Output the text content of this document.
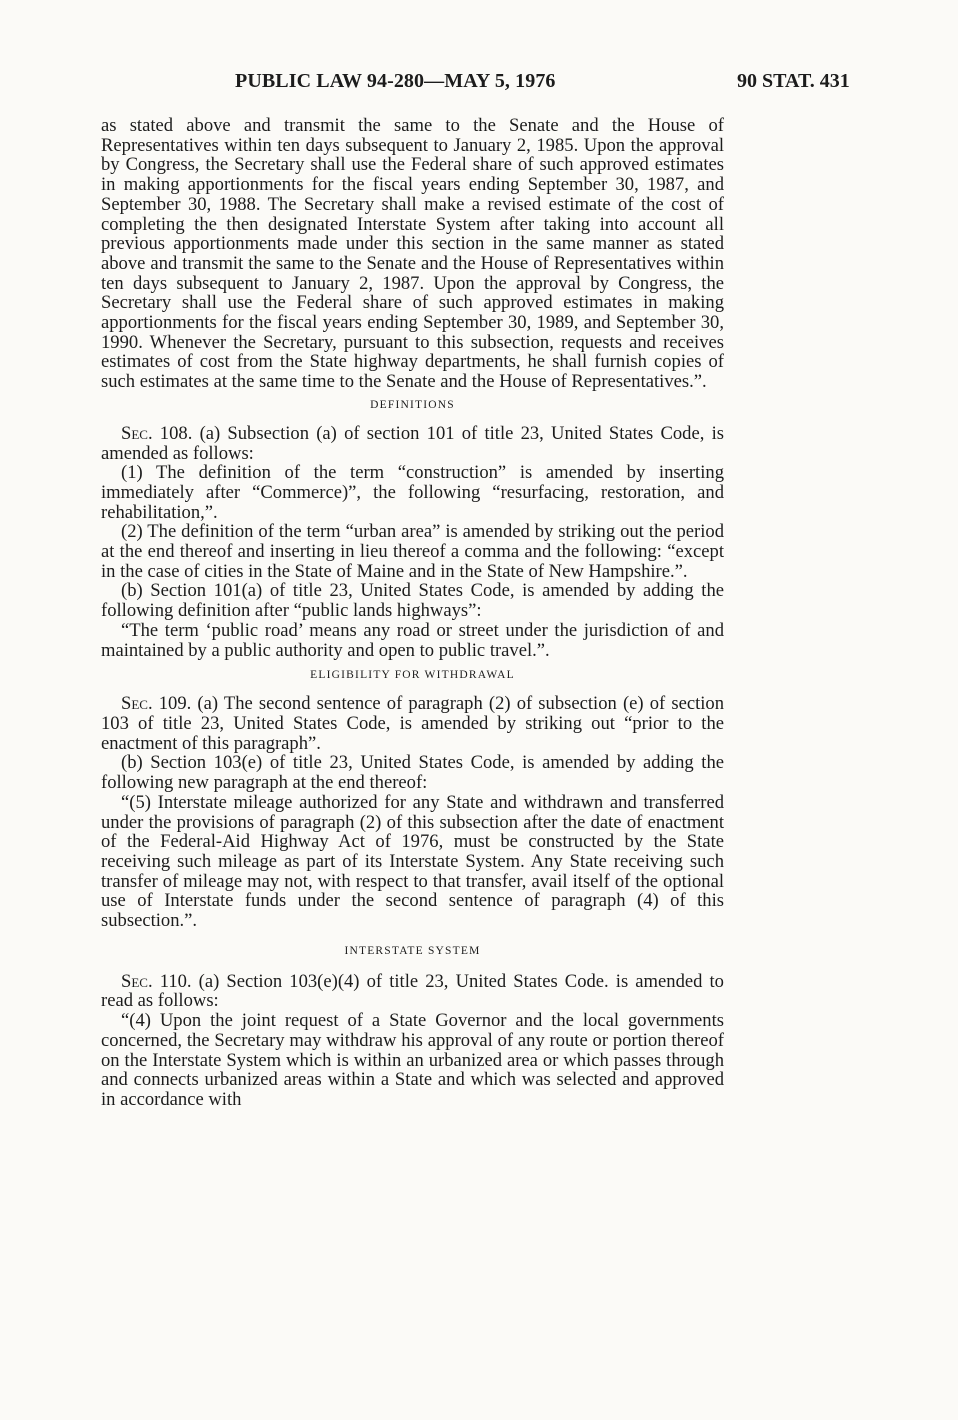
PUBLIC LAW 94-280—MAY 5, 1976	90 STAT. 431

as stated above and transmit the same to the Senate and the House of Representatives within ten days subsequent to January 2, 1985. Upon the approval by Congress, the Secretary shall use the Federal share of such approved estimates in making apportionments for the fiscal years ending September 30, 1987, and September 30, 1988. The Secretary shall make a revised estimate of the cost of completing the then designated Interstate System after taking into account all previous apportionments made under this section in the same manner as stated above and transmit the same to the Senate and the House of Representatives within ten days subsequent to January 2, 1987. Upon the approval by Congress, the Secretary shall use the Federal share of such approved estimates in making apportionments for the fiscal years ending September 30, 1989, and September 30, 1990. Whenever the Secretary, pursuant to this subsection, requests and receives estimates of cost from the State highway departments, he shall furnish copies of such estimates at the same time to the Senate and the House of Representatives.”.

DEFINITIONS

Sec. 108. (a) Subsection (a) of section 101 of title 23, United States Code, is amended as follows:

(1) The definition of the term “construction” is amended by inserting immediately after “Commerce)”, the following “resurfacing, restoration, and rehabilitation,”.

(2) The definition of the term “urban area” is amended by striking out the period at the end thereof and inserting in lieu thereof a comma and the following: “except in the case of cities in the State of Maine and in the State of New Hampshire.”.

(b) Section 101(a) of title 23, United States Code, is amended by adding the following definition after “public lands highways”:

“The term ‘public road’ means any road or street under the jurisdiction of and maintained by a public authority and open to public travel.”.

ELIGIBILITY FOR WITHDRAWAL

Sec. 109. (a) The second sentence of paragraph (2) of subsection (e) of section 103 of title 23, United States Code, is amended by striking out “prior to the enactment of this paragraph”.

(b) Section 103(e) of title 23, United States Code, is amended by adding the following new paragraph at the end thereof:

“(5) Interstate mileage authorized for any State and withdrawn and transferred under the provisions of paragraph (2) of this subsection after the date of enactment of the Federal-Aid Highway Act of 1976, must be constructed by the State receiving such mileage as part of its Interstate System. Any State receiving such transfer of mileage may not, with respect to that transfer, avail itself of the optional use of Interstate funds under the second sentence of paragraph (4) of this subsection.”.

INTERSTATE SYSTEM

Sec. 110. (a) Section 103(e)(4) of title 23, United States Code. is amended to read as follows:

“(4) Upon the joint request of a State Governor and the local governments concerned, the Secretary may withdraw his approval of any route or portion thereof on the Interstate System which is within an urbanized area or which passes through and connects urbanized areas within a State and which was selected and approved in accordance with
